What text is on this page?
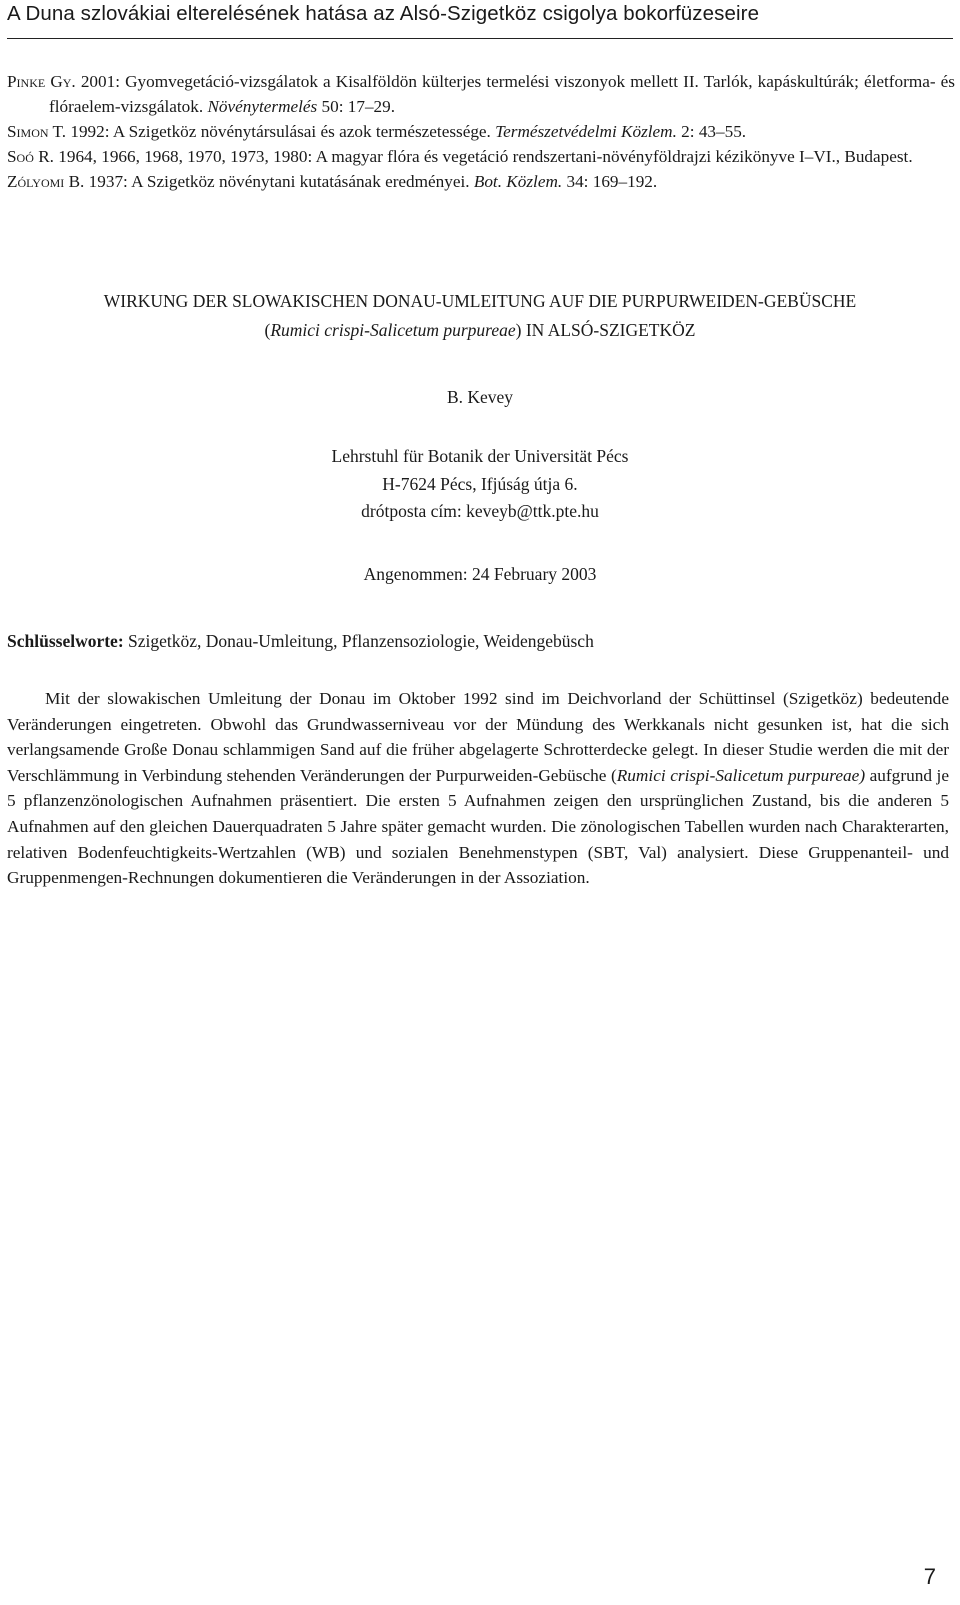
A Duna szlovákiai elterelésének hatása az Alsó-Szigetköz csigolya bokorfüzeseire

Pinke Gy. 2001: Gyomvegetáció-vizsgálatok a Kisalföldön külterjes termelési viszonyok mellett II. Tarlók, kapáskultúrák; életforma- és flóraelem-vizsgálatok. Növénytermelés 50: 17–29.

Simon T. 1992: A Szigetköz növénytársulásai és azok természetessége. Természetvédelmi Közlem. 2: 43–55.

Soó R. 1964, 1966, 1968, 1970, 1973, 1980: A magyar flóra és vegetáció rendszertani-növényföldrajzi kézikönyve I–VI., Budapest.

Zólyomi B. 1937: A Szigetköz növénytani kutatásának eredményei. Bot. Közlem. 34: 169–192.

WIRKUNG DER SLOWAKISCHEN DONAU-UMLEITUNG AUF DIE PURPURWEIDEN-GEBÜSCHE
(Rumici crispi-Salicetum purpureae) IN ALSÓ-SZIGETKÖZ

B. Kevey

Lehrstuhl für Botanik der Universität Pécs
H-7624 Pécs, Ifjúság útja 6.
drótposta cím: keveyb@ttk.pte.hu

Angenommen: 24 February 2003

Schlüsselworte: Szigetköz, Donau-Umleitung, Pflanzensoziologie, Weidengebüsch

Mit der slowakischen Umleitung der Donau im Oktober 1992 sind im Deichvorland der Schüttinsel (Szigetköz) bedeutende Veränderungen eingetreten. Obwohl das Grundwasserniveau vor der Mündung des Werkkanals nicht gesunken ist, hat die sich verlangsamende Große Donau schlammigen Sand auf die früher abgelagerte Schrotterdecke gelegt. In dieser Studie werden die mit der Verschlämmung in Verbindung stehenden Veränderungen der Purpurweiden-Gebüsche (Rumici crispi-Salicetum purpureae) aufgrund je 5 pflanzenzönologischen Aufnahmen präsentiert. Die ersten 5 Aufnahmen zeigen den ursprünglichen Zustand, bis die anderen 5 Aufnahmen auf den gleichen Dauerquadraten 5 Jahre später gemacht wurden. Die zönologischen Tabellen wurden nach Charakterarten, relativen Bodenfeuchtigkeits-Wertzahlen (WB) und sozialen Benehmenstypen (SBT, Val) analysiert. Diese Gruppenanteil- und Gruppenmengen-Rechnungen dokumentieren die Veränderungen in der Assoziation.

7
